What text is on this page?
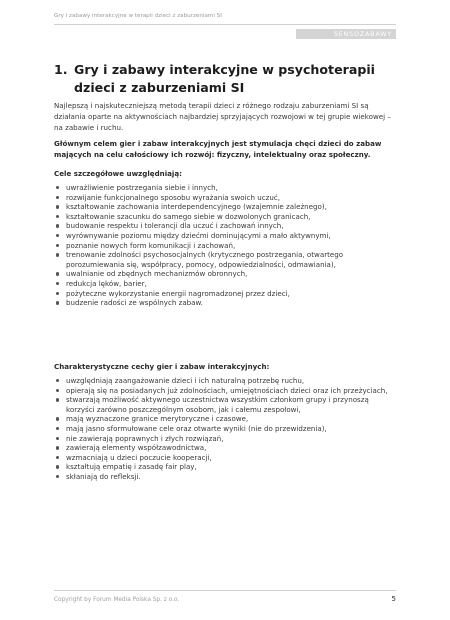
Gry i zabawy interakcyjne w terapii dzieci z zaburzeniami SI
SENSOZABAWY
1. Gry i zabawy interakcyjne w psychoterapii dzieci z zaburzeniami SI

Najlepszą i najskuteczniejszą metodą terapii dzieci z różnego rodzaju zaburzeniami SI są działania oparte na aktywnościach najbardziej sprzyjających rozwojowi w tej grupie wiekowej – na zabawie i ruchu.

Głównym celem gier i zabaw interakcyjnych jest stymulacja chęci dzieci do zabaw mających na celu całościowy ich rozwój: fizyczny, intelektualny oraz społeczny.

Cele szczegółowe uwzględniają:
uwrażliwienie postrzegania siebie i innych,
rozwijanie funkcjonalnego sposobu wyrażania swoich uczuć,
kształtowanie zachowania interdependencyjnego (wzajemnie zależnego),
kształtowanie szacunku do samego siebie w dozwolonych granicach,
budowanie respektu i tolerancji dla uczuć i zachowań innych,
wyrównywanie poziomu między dziećmi dominującymi a mało aktywnymi,
poznanie nowych form komunikacji i zachowań,
trenowanie zdolności psychosocjalnych (krytycznego postrzegania, otwartego porozumiewania się, współpracy, pomocy, odpowiedzialności, odmawiania),
uwalnianie od zbędnych mechanizmów obronnych,
redukcja lęków, barier,
pożyteczne wykorzystanie energii nagromadzonej przez dzieci,
budzenie radości ze wspólnych zabaw.
Charakterystyczne cechy gier i zabaw interakcyjnych:
uwzględniają zaangażowanie dzieci i ich naturalną potrzebę ruchu,
opierają się na posiadanych już zdolnościach, umiejętnościach dzieci oraz ich przeżyciach,
stwarzają możliwość aktywnego uczestnictwa wszystkim członkom grupy i przynoszą korzyści zarówno poszczególnym osobom, jak i całemu zespołowi,
mają wyznaczone granice merytoryczne i czasowe,
mają jasno sformułowane cele oraz otwarte wyniki (nie do przewidzenia),
nie zawierają poprawnych i złych rozwiązań,
zawierają elementy współzawodnictwa,
wzmacniają u dzieci poczucie kooperacji,
kształtują empatię i zasadę fair play,
skłaniają do refleksji.
Copyright by Forum Media Polska Sp. z o.o.	5
